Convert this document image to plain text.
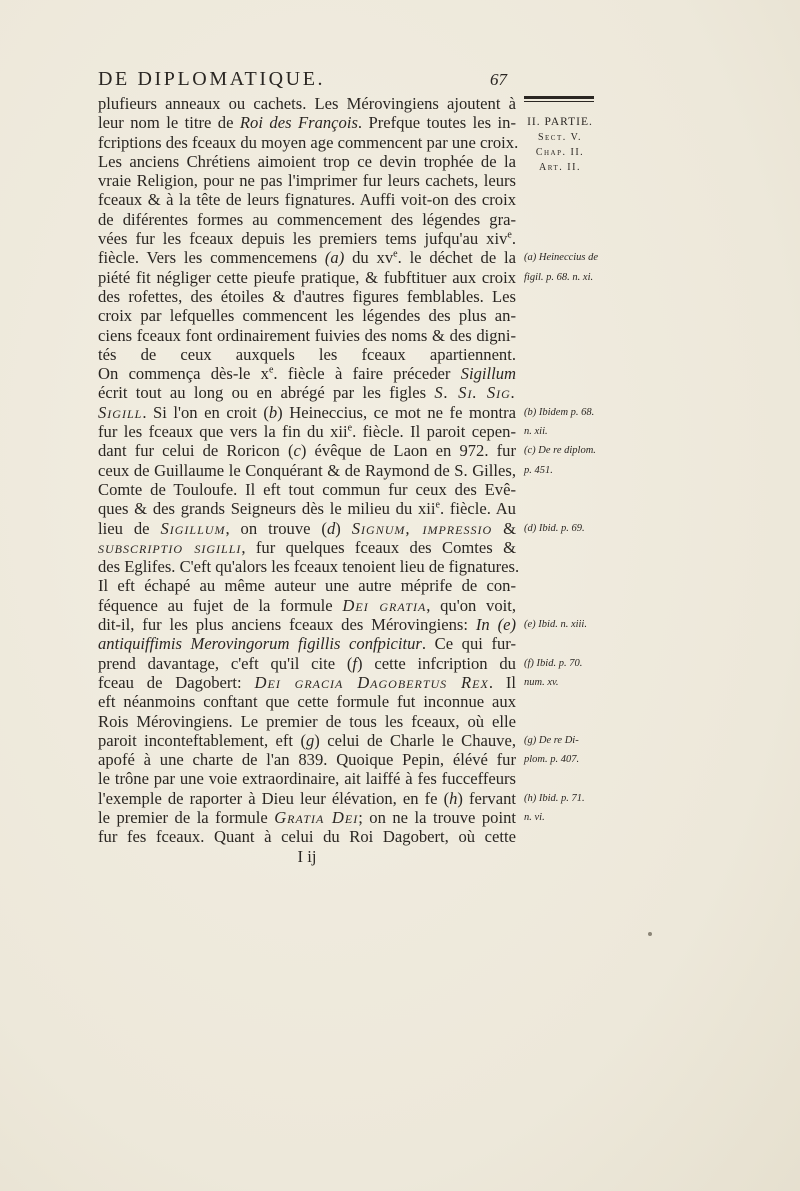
DE DIPLOMATIQUE.	67
II. PARTIE.
Sect. V.
Chap. II.
Art. II.
plufieurs anneaux ou cachets. Les Mérovingiens ajoutent à
leur nom le titre de Roi des François. Prefque toutes les in-
fcriptions des fceaux du moyen age commencent par une croix.
Les anciens Chrétiens aimoient trop ce devin trophée de la
vraie Religion, pour ne pas l'imprimer fur leurs cachets, leurs
fceaux & à la tête de leurs fignatures. Auffi voit-on des croix
de diférentes formes au commencement des légendes gra-
vées fur les fceaux depuis les premiers tems jufqu'au xiv$^e$.
fiècle. Vers les commencemens (a) du $xv^e$. le déchet de la
piété fit négliger cette pieufe pratique, & fubftituer aux croix
des rofettes, des étoiles & d'autres figures femblables. Les
croix par lefquelles commencent les légendes des plus an-
ciens fceaux font ordinairement fuivies des noms & des digni-
tés de ceux auxquels les fceaux apartiennent.
On commença dès-le $x^e$. fiècle à faire préceder Sigillum
écrit tout au long ou en abrégé par les figles S. Si. Sig.
Sigill. Si l'on en croit (b) Heineccius, ce mot ne fe montra
fur les fceaux que vers la fin du xii$^e$. fiècle. Il paroit cepen-
dant fur celui de Roricon (c) évêque de Laon en 972. fur
ceux de Guillaume le Conquérant & de Raymond de S. Gilles,
Comte de Touloufe. Il eft tout commun fur ceux des Evê-
ques & des grands Seigneurs dès le milieu du xii$^e$. fiècle. Au
lieu de Sigillum, on trouve (d) Signum, impressio &
subscriptio sigilli, fur quelques fceaux des Comtes &
des Eglifes. C'eft qu'alors les fceaux tenoient lieu de fignatures.
Il eft échapé au même auteur une autre méprife de con-
féquence au fujet de la formule Dei gratia, qu'on voit,
dit-il, fur les plus anciens fceaux des Mérovingiens: In (e)
antiquiffimis Merovingorum figillis confpicitur. Ce qui fur-
prend davantage, c'eft qu'il cite (f) cette infcription du
fceau de Dagobert: Dei gracia Dagobertus Rex. Il
eft néanmoins conftant que cette formule fut inconnue aux
Rois Mérovingiens. Le premier de tous les fceaux, où elle
paroit inconteftablement, eft (g) celui de Charle le Chauve,
apofé à une charte de l'an 839. Quoique Pepin, élévé fur
le trône par une voie extraordinaire, ait laiffé à fes fucceffeurs
l'exemple de raporter à Dieu leur élévation, en fe (h) fervant
le premier de la formule Gratia Dei; on ne la trouve point
fur fes fceaux. Quant à celui du Roi Dagobert, où cette
I ij
(a) Heineccius de
figil. p. 68. n. xi.
(b) Ibidem p. 68.
n. xii.
(c) De re diplom.
p. 451.
(d) Ibid. p. 69.
(e) Ibid. n. xiii.
(f) Ibid. p. 70.
num. xv.
(g) De re Di-
plom. p. 407.
(h) Ibid. p. 71.
n. vi.
